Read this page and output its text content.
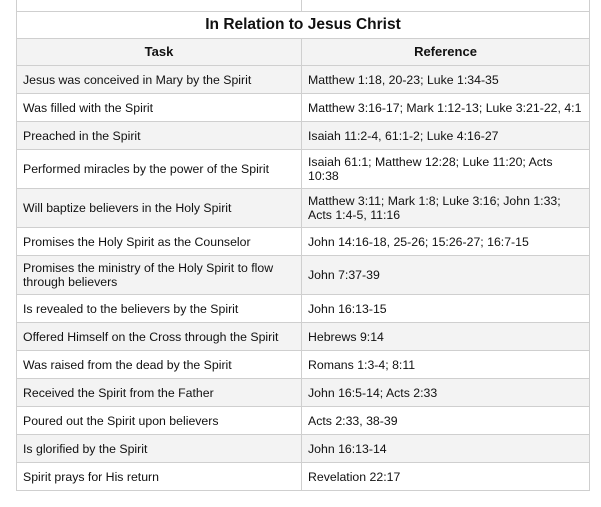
In Relation to Jesus Christ	
Task	Reference
Jesus was conceived in Mary by the Spirit	Matthew 1:18, 20-23; Luke 1:34-35
Was filled with the Spirit	Matthew 3:16-17; Mark 1:12-13; Luke 3:21-22, 4:1
Preached in the Spirit	Isaiah 11:2-4, 61:1-2; Luke 4:16-27
Performed miracles by the power of the Spirit	Isaiah 61:1; Matthew 12:28; Luke 11:20; Acts 10:38
Will baptize believers in the Holy Spirit	Matthew 3:11; Mark 1:8; Luke 3:16; John 1:33; Acts 1:4-5, 11:16
Promises the Holy Spirit as the Counselor	John 14:16-18, 25-26; 15:26-27; 16:7-15
Promises the ministry of the Holy Spirit to flow through believers	John 7:37-39
Is revealed to the believers by the Spirit	John 16:13-15
Offered Himself on the Cross through the Spirit	Hebrews 9:14
Was raised from the dead by the Spirit	Romans 1:3-4; 8:11
Received the Spirit from the Father	John 16:5-14; Acts 2:33
Poured out the Spirit upon believers	Acts 2:33, 38-39
Is glorified by the Spirit	John 16:13-14
Spirit prays for His return	Revelation 22:17
